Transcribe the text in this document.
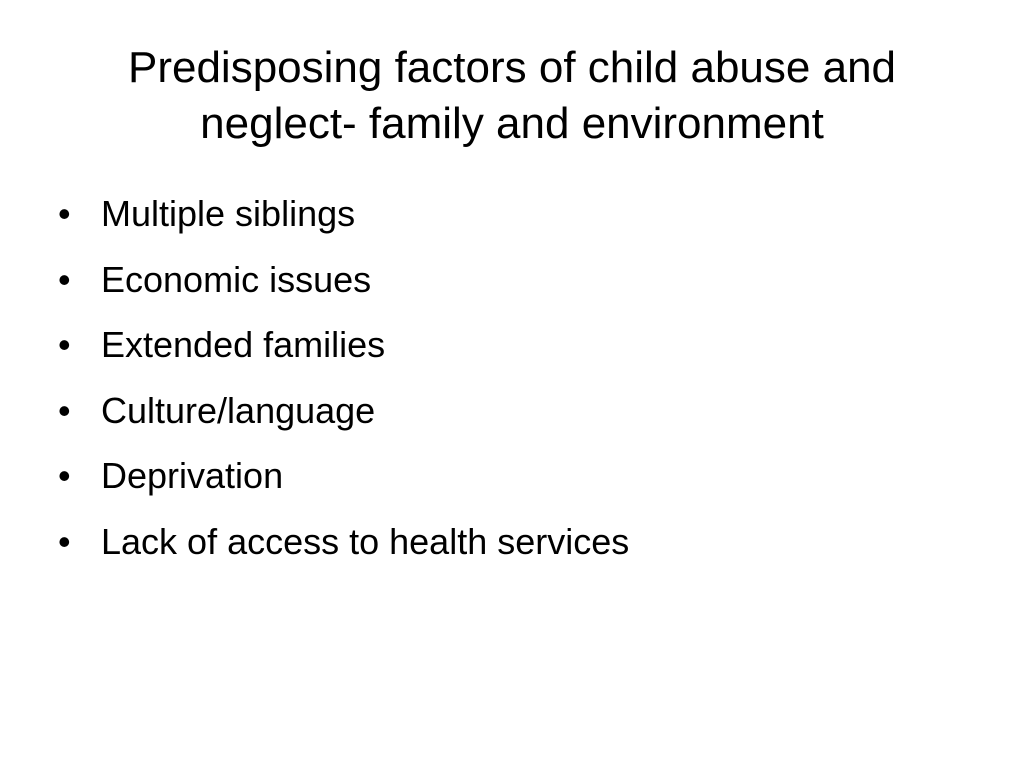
Predisposing factors of child abuse and
neglect- family and environment
• Multiple siblings
• Economic issues
• Extended families
• Culture/language
• Deprivation
• Lack of access to health services
